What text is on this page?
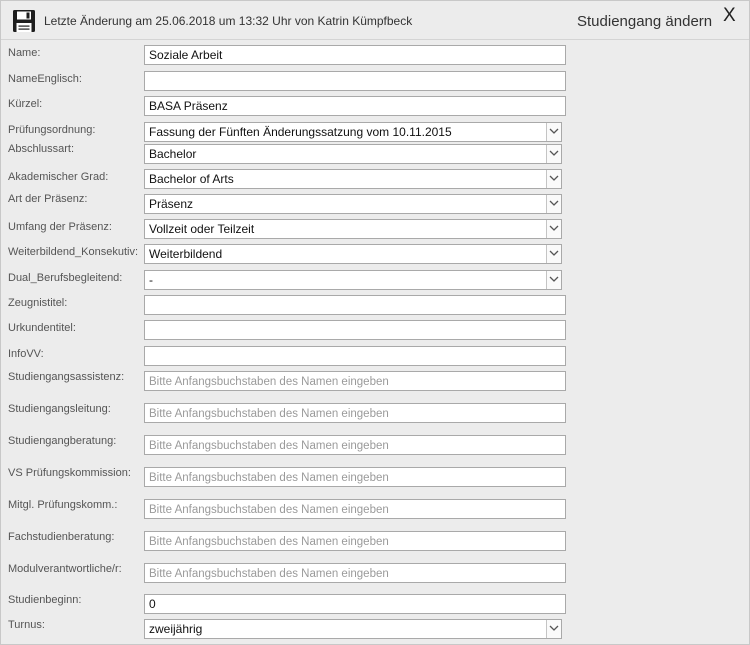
Letzte Änderung am 25.06.2018 um 13:32 Uhr von Katrin Kümpfbeck	Studiengang ändern X
Name:	Soziale Arbeit
NameEnglisch:
Kürzel:	BASA Präsenz
Prüfungsordnung:	Fassung der Fünften Änderungssatzung vom 10.11.2015
Abschlussart:	Bachelor
Akademischer Grad:	Bachelor of Arts
Art der Präsenz:	Präsenz
Umfang der Präsenz:	Vollzeit oder Teilzeit
Weiterbildend_Konsekutiv: Weiterbildend
Dual_Berufsbegleitend:	-
Zeugnistitel:
Urkundentitel:
InfoVV:
Studiengangsassistenz:	Bitte Anfangsbuchstaben des Namen eingeben
Studiengangsleitung:	Bitte Anfangsbuchstaben des Namen eingeben
Studiengangberatung:	Bitte Anfangsbuchstaben des Namen eingeben
VS Prüfungskommission:	Bitte Anfangsbuchstaben des Namen eingeben
Mitgl. Prüfungskomm.:	Bitte Anfangsbuchstaben des Namen eingeben
Fachstudienberatung:	Bitte Anfangsbuchstaben des Namen eingeben
Modulverantwortliche/r:	Bitte Anfangsbuchstaben des Namen eingeben
Studienbeginn:	0
Turnus:	zweijährig
